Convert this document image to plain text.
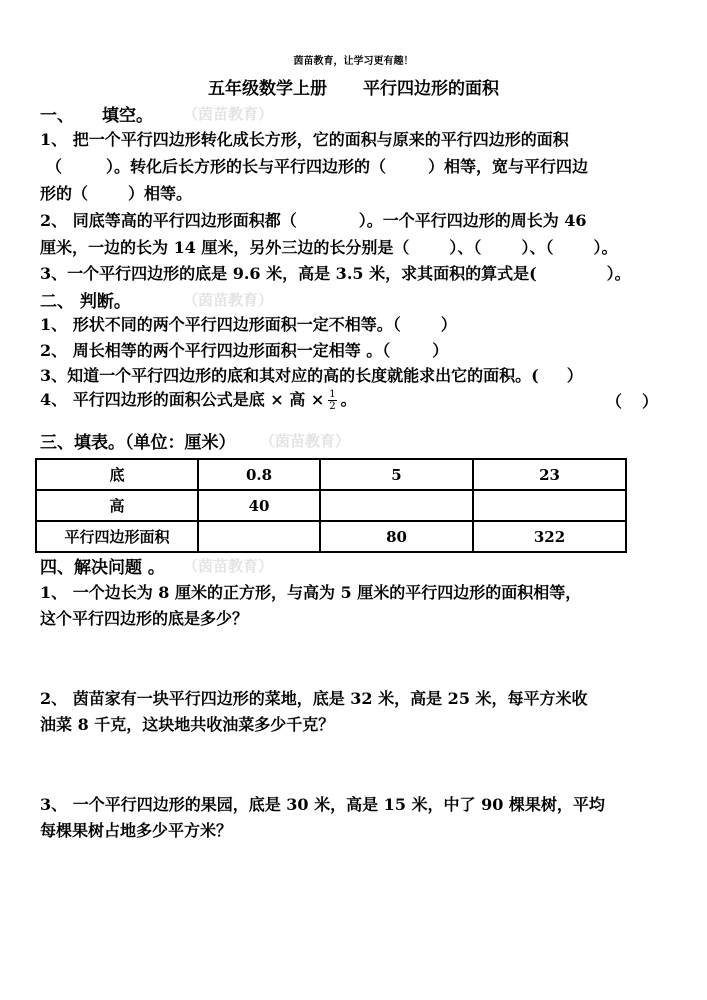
茵苗教育，让学习更有趣！
五年级数学上册 平行四边形的面积
一、 填空。 （茵苗教育）
1、 把一个平行四边形转化成长方形，它的面积与原来的平行四边形的面积
（	）。转化后长方形的长与平行四边形的（	）相等，宽与平行四边
形的（	）相等。
2、 同底等高的平行四边形面积都（	）。一个平行四边形的周长为 46
厘米，一边的长为 14 厘米，另外三边的长分别是（	）、（	）、（	）。
3、一个平行四边形的底是 9.6 米，高是 3.5 米，求其面积的算式是(	）。
二、 判断。	（茵苗教育）
1、 形状不同的两个平行四边形面积一定不相等。（	）
2、 周长相等的两个平行四边形面积一定相等 。（	）
3、知道一个平行四边形的底和其对应的高的长度就能求出它的面积。( ）
4、 平行四边形的面积公式是底 × 高 × $\frac{1}{2}$ 。	（ ）
三、填表。（单位：厘米） （茵苗教育）
底	0.8	5	23
高	40		
平行四边形面积		80	322
四、解决问题 。 （茵苗教育）
1、 一个边长为 8 厘米的正方形，与高为 5 厘米的平行四边形的面积相等，
这个平行四边形的底是多少？
2、 茵苗家有一块平行四边形的菜地，底是 32 米，高是 25 米，每平方米收
油菜 8 千克，这块地共收油菜多少千克？
3、 一个平行四边形的果园，底是 30 米，高是 15 米，中了 90 棵果树，平均
每棵果树占地多少平方米？
